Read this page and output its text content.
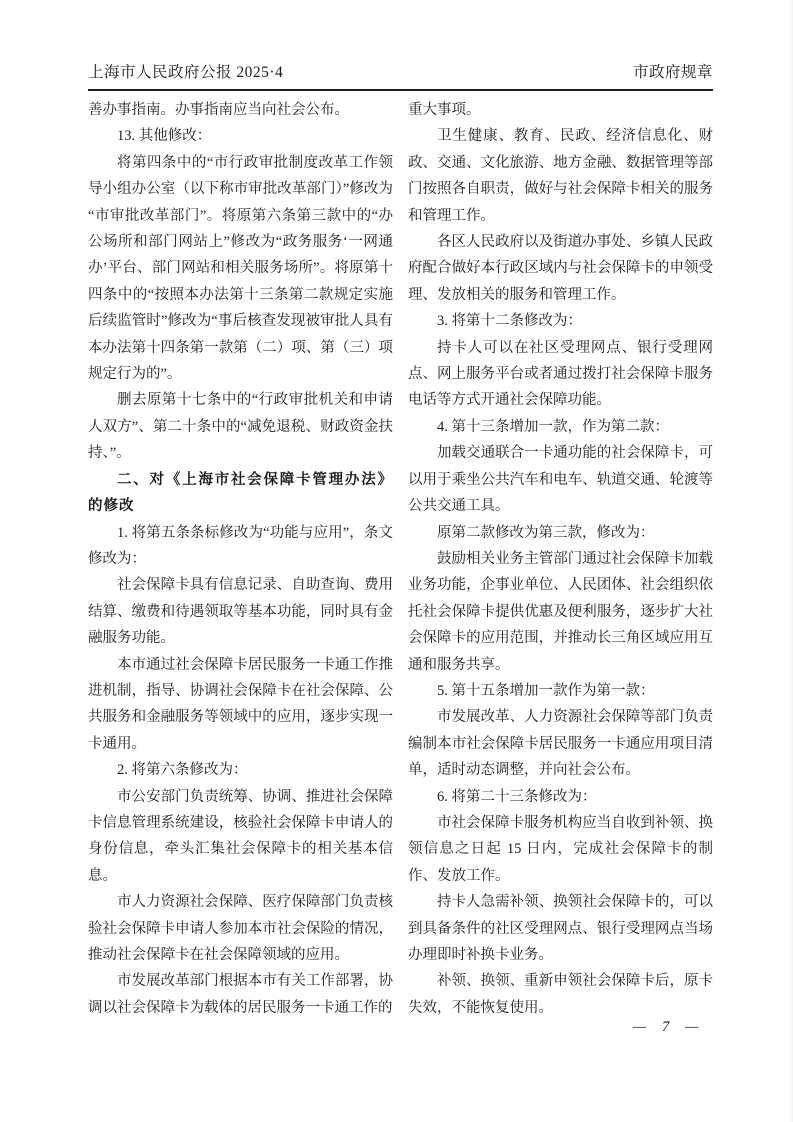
上海市人民政府公报 2025·4	市政府规章

善办事指南。办事指南应当向社会公布。

13. 其他修改：

将第四条中的“市行政审批制度改革工作领导小组办公室（以下称市审批改革部门）”修改为“市审批改革部门”。将原第六条第三款中的“办公场所和部门网站上”修改为“政务服务‘一网通办’平台、部门网站和相关服务场所”。将原第十四条中的“按照本办法第十三条第二款规定实施后续监管时”修改为“事后核查发现被审批人具有本办法第十四条第一款第（二）项、第（三）项规定行为的”。

删去原第十七条中的“行政审批机关和申请人双方”、第二十条中的“减免退税、财政资金扶持、”。

二、对《上海市社会保障卡管理办法》的修改

1. 将第五条条标修改为“功能与应用”，条文修改为：

社会保障卡具有信息记录、自助查询、费用结算、缴费和待遇领取等基本功能，同时具有金融服务功能。

本市通过社会保障卡居民服务一卡通工作推进机制，指导、协调社会保障卡在社会保障、公共服务和金融服务等领域中的应用，逐步实现一卡通用。

2. 将第六条修改为：

市公安部门负责统筹、协调、推进社会保障卡信息管理系统建设，核验社会保障卡申请人的身份信息，牵头汇集社会保障卡的相关基本信息。

市人力资源社会保障、医疗保障部门负责核验社会保障卡申请人参加本市社会保险的情况，推动社会保障卡在社会保障领域的应用。

市发展改革部门根据本市有关工作部署，协调以社会保障卡为载体的居民服务一卡通工作的

重大事项。

卫生健康、教育、民政、经济信息化、财政、交通、文化旅游、地方金融、数据管理等部门按照各自职责，做好与社会保障卡相关的服务和管理工作。

各区人民政府以及街道办事处、乡镇人民政府配合做好本行政区域内与社会保障卡的申领受理、发放相关的服务和管理工作。

3. 将第十二条修改为：

持卡人可以在社区受理网点、银行受理网点、网上服务平台或者通过拨打社会保障卡服务电话等方式开通社会保障功能。

4. 第十三条增加一款，作为第二款：

加载交通联合一卡通功能的社会保障卡，可以用于乘坐公共汽车和电车、轨道交通、轮渡等公共交通工具。

原第二款修改为第三款，修改为：

鼓励相关业务主管部门通过社会保障卡加载业务功能，企事业单位、人民团体、社会组织依托社会保障卡提供优惠及便利服务，逐步扩大社会保障卡的应用范围，并推动长三角区域应用互通和服务共享。

5. 第十五条增加一款作为第一款：

市发展改革、人力资源社会保障等部门负责编制本市社会保障卡居民服务一卡通应用项目清单，适时动态调整，并向社会公布。

6. 将第二十三条修改为：

市社会保障卡服务机构应当自收到补领、换领信息之日起 15 日内，完成社会保障卡的制作、发放工作。

持卡人急需补领、换领社会保障卡的，可以到具备条件的社区受理网点、银行受理网点当场办理即时补换卡业务。

补领、换领、重新申领社会保障卡后，原卡失效，不能恢复使用。

— 7 —
